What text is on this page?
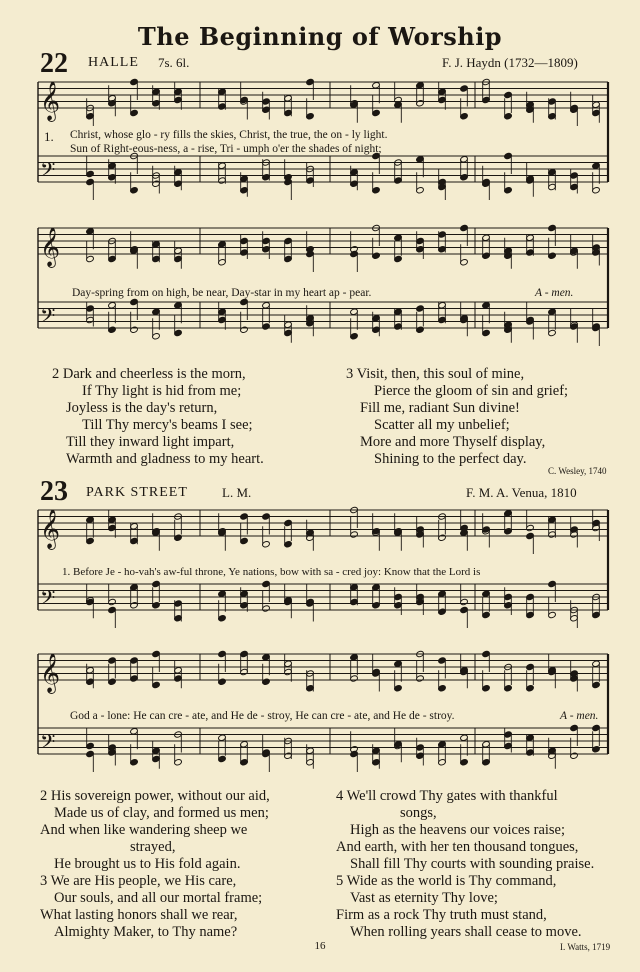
The Beginning of Worship
22 HALLE 7s. 6l.	F. J. Haydn (1732—1809)
𝄞
𝄢
1. Christ, whose glo - ry fills the skies, Christ, the true, the on - ly light.
Sun of Right-eous-ness, a - rise, Tri - umph o'er the shades of night;
𝄞
𝄢
Day-spring from on high, be near, Day-star in my heart ap - pear.	A - men.
2 Dark and cheerless is the morn,
If Thy light is hid from me;
Joyless is the day's return,
Till Thy mercy's beams I see;
Till they inward light impart,
Warmth and gladness to my heart.
3 Visit, then, this soul of mine,
Pierce the gloom of sin and grief;
Fill me, radiant Sun divine!
Scatter all my unbelief;
More and more Thyself display,
Shining to the perfect day.
C. Wesley, 1740
23 PARK STREET	L. M.	F. M. A. Venua, 1810
𝄞
𝄢
1. Before Je - ho-vah's aw-ful throne, Ye nations, bow with sa - cred joy: Know that the Lord is
𝄞
𝄢
God a - lone: He can cre - ate, and He de - stroy, He can cre - ate, and He de - stroy.	A - men.
2 His sovereign power, without our aid,
Made us of clay, and formed us men;
And when like wandering sheep we
strayed,
He brought us to His fold again.
3 We are His people, we His care,
Our souls, and all our mortal frame;
What lasting honors shall we rear,
Almighty Maker, to Thy name?
4 We'll crowd Thy gates with thankful
songs,
High as the heavens our voices raise;
And earth, with her ten thousand tongues,
Shall fill Thy courts with sounding praise.
5 Wide as the world is Thy command,
Vast as eternity Thy love;
Firm as a rock Thy truth must stand,
When rolling years shall cease to move.
I. Watts, 1719
16
